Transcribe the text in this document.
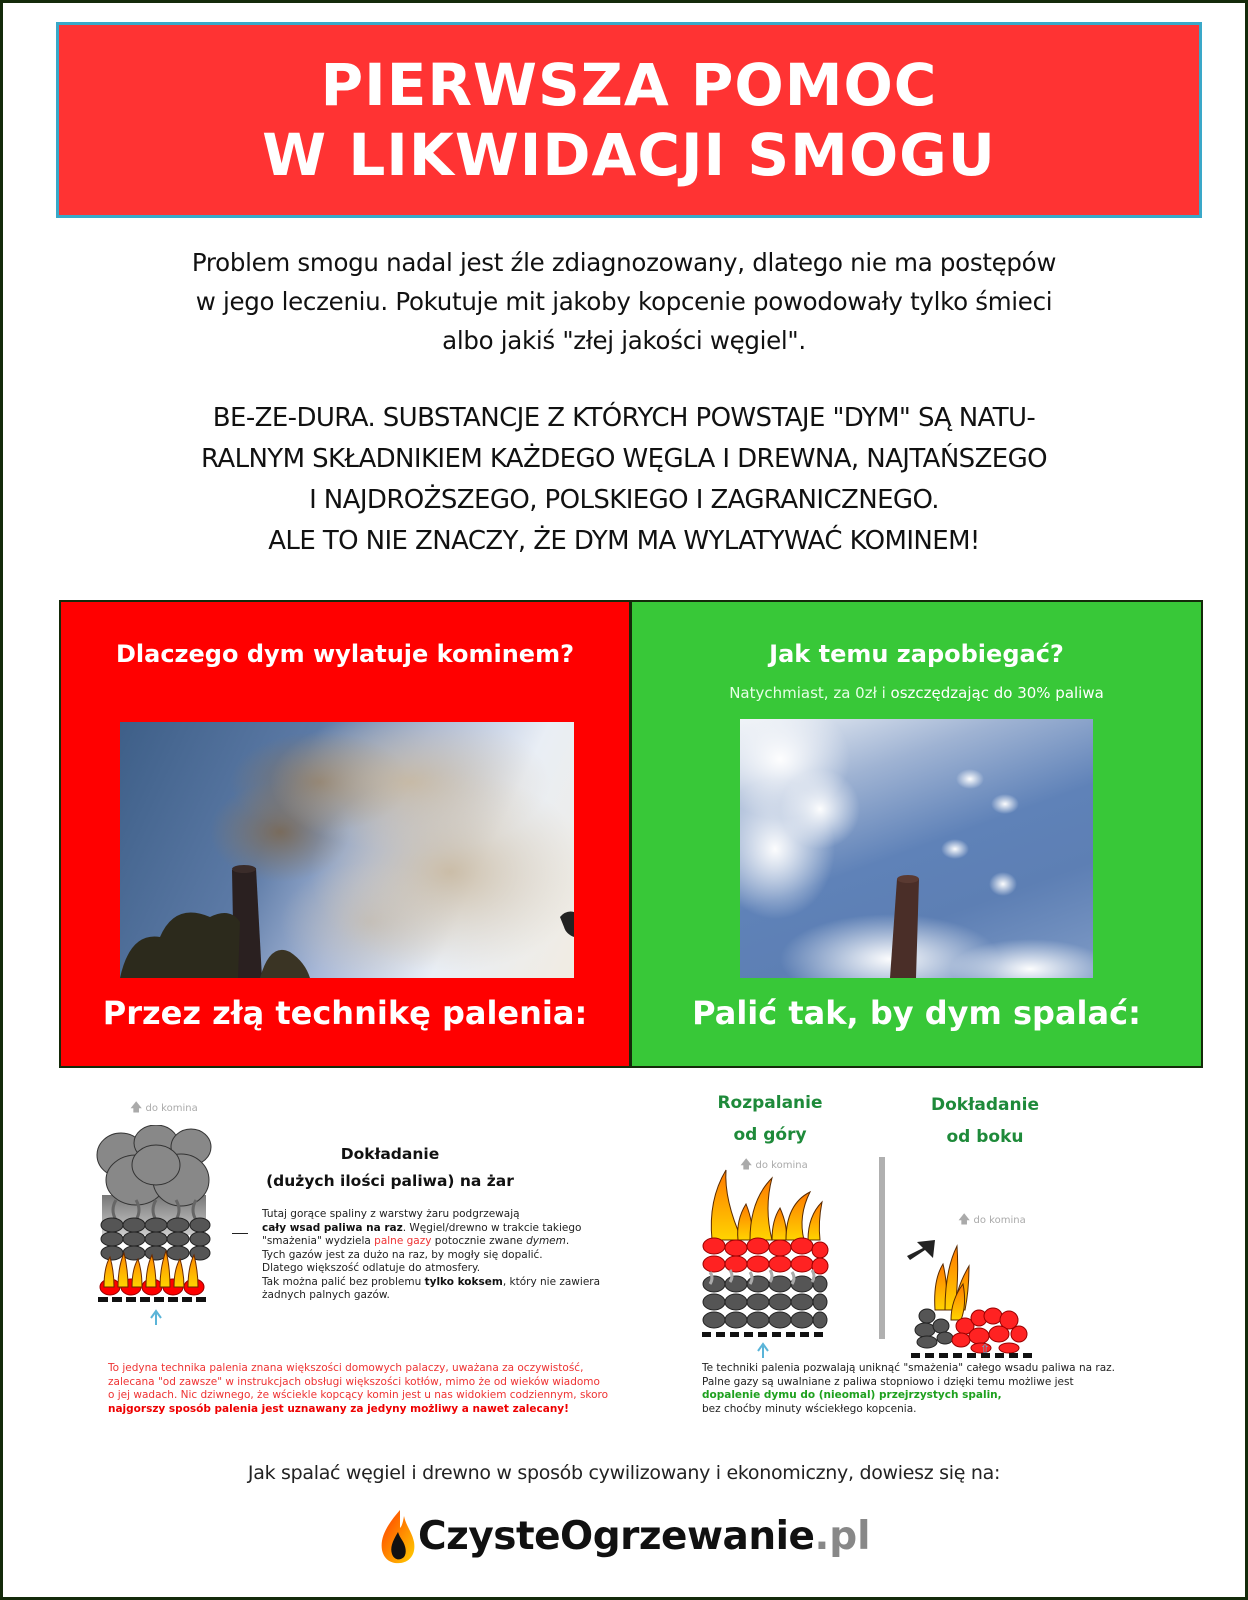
PIERWSZA POMOC
W LIKWIDACJI SMOGU

Problem smogu nadal jest źle zdiagnozowany, dlatego nie ma postępów

w jego leczeniu. Pokutuje mit jakoby kopcenie powodowały tylko śmieci

albo jakiś "złej jakości węgiel".

BE-ZE-DURA. SUBSTANCJE Z KTÓRYCH POWSTAJE "DYM" SĄ NATU-

RALNYM SKŁADNIKIEM KAŻDEGO WĘGLA I DREWNA, NAJTAŃSZEGO

I NAJDROŻSZEGO, POLSKIEGO I ZAGRANICZNEGO.

ALE TO NIE ZNACZY, ŻE DYM MA WYLATYWAĆ KOMINEM!

Dlaczego dym wylatuje kominem?
Przez złą technikę palenia:
Jak temu zapobiegać?
Natychmiast, za 0zł i oszczędzając do 30% paliwa
Palić tak, by dym spalać:
🡅 do komina
Dokładanie
(dużych ilości paliwa) na żar
Tutaj gorące spaliny z warstwy żaru podgrzewają
cały wsad paliwa na raz. Węgiel/drewno w trakcie takiego
"smażenia" wydziela palne gazy potocznie zwane dymem.
Tych gazów jest za dużo na raz, by mogły się dopalić.
Dlatego większość odlatuje do atmosfery.
Tak można palić bez problemu tylko koksem, który nie zawiera
żadnych palnych gazów.
To jedyna technika palenia znana większości domowych palaczy, uważana za oczywistość,
zalecana "od zawsze" w instrukcjach obsługi większości kotłów, mimo że od wieków wiadomo
o jej wadach. Nic dziwnego, że wściekle kopcący komin jest u nas widokiem codziennym, skoro
najgorszy sposób palenia jest uznawany za jedyny możliwy a nawet zalecany!
Rozpalanie
od góry
Dokładanie
od boku
🡅 do komina
🡅 do komina
⇧
Te techniki palenia pozwalają uniknąć "smażenia" całego wsadu paliwa na raz.
Palne gazy są uwalniane z paliwa stopniowo i dzięki temu możliwe jest
dopalenie dymu do (nieomal) przejrzystych spalin,
bez choćby minuty wściekłego kopcenia.
Jak spalać węgiel i drewno w sposób cywilizowany i ekonomiczny, dowiesz się na:
CzysteOgrzewanie .pl
